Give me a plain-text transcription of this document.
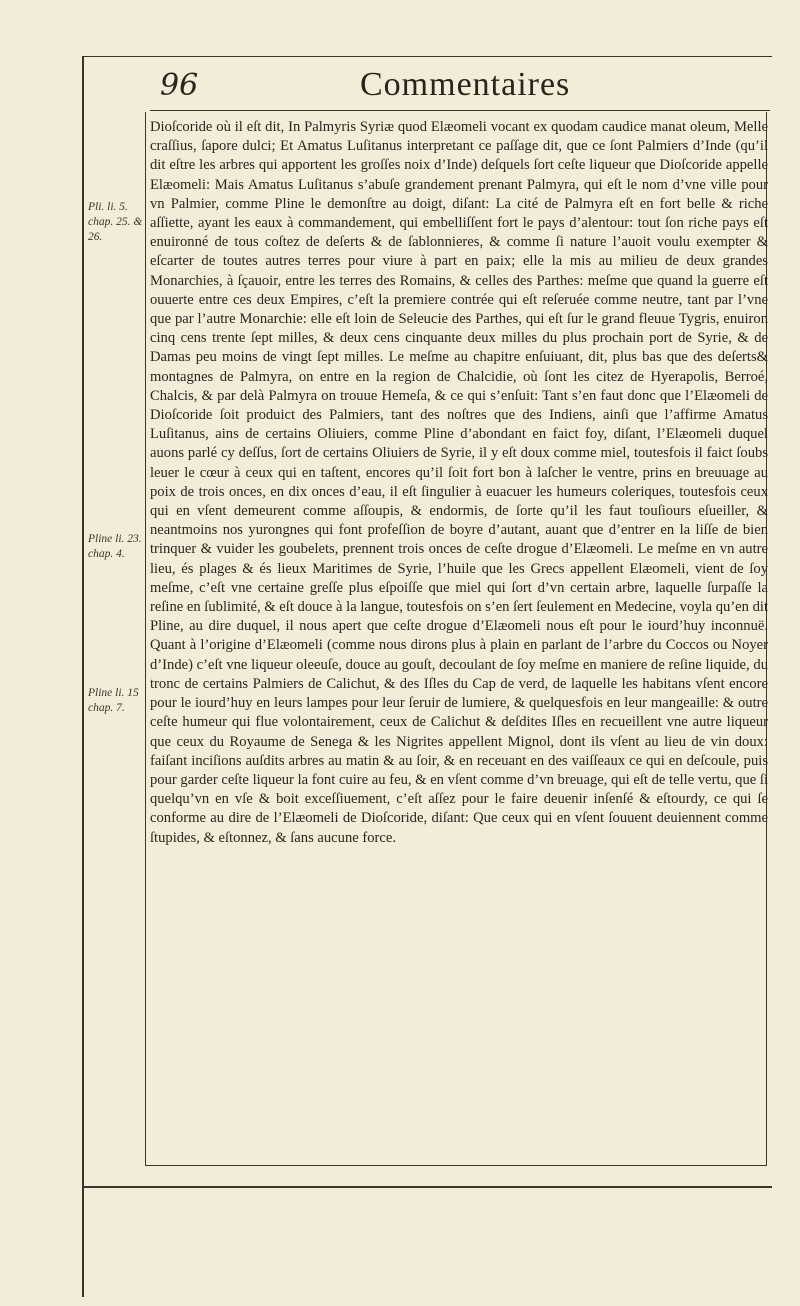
96	Commentaires
Pli. li. 5. chap. 25. & 26.
Pline li. 23. chap. 4.
Pline li. 15 chap. 7.

Dioſcoride où il eſt dit, In Palmyris Syriæ quod Elæomeli vocant ex quodam caudice manat oleum, Melle craſſius, ſapore dulci; Et Amatus Luſitanus interpretant ce paſſage dit, que ce ſont Palmiers d’Inde (qu’il dit eſtre les arbres qui apportent les groſſes noix d’Inde) deſquels ſort ceſte liqueur que Dioſcoride appelle Elæomeli: Mais Amatus Luſitanus s’abuſe grandement prenant Palmyra, qui eſt le nom d’vne ville pour vn Palmier, comme Pline le demonſtre au doigt, diſant: La cité de Palmyra eſt en fort belle & riche aſſiette, ayant les eaux à commandement, qui embelliſſent fort le pays d’alentour: tout ſon riche pays eſt enuironné de tous coſtez de deſerts & de ſablonnieres, & comme ſi nature l’auoit voulu exempter & eſcarter de toutes autres terres pour viure à part en paix; elle la mis au milieu de deux grandes Monarchies, à ſçauoir, entre les terres des Romains, & celles des Parthes: meſme que quand la guerre eſt ouuerte entre ces deux Empires, c’eſt la premiere contrée qui eſt reſeruée comme neutre, tant par l’vne que par l’autre Monarchie: elle eſt loin de Seleucie des Parthes, qui eſt ſur le grand fleuue Tygris, enuiron cinq cens trente ſept milles, & deux cens cinquante deux milles du plus prochain port de Syrie, & de Damas peu moins de vingt ſept milles. Le meſme au chapitre enſuiuant, dit, plus bas que des deſerts& montagnes de Palmyra, on entre en la region de Chalcidie, où ſont les citez de Hyerapolis, Berroé, Chalcis, & par delà Palmyra on trouue Hemeſa, & ce qui s’enſuit: Tant s’en faut donc que l’Elæomeli de Dioſcoride ſoit produict des Palmiers, tant des noſtres que des Indiens, ainſi que l’affirme Amatus Luſitanus, ains de certains Oliuiers, comme Pline d’abondant en faict foy, diſant, l’Elæomeli duquel auons parlé cy deſſus, ſort de certains Oliuiers de Syrie, il y eſt doux comme miel, toutesfois il faict ſoubs leuer le cœur à ceux qui en taſtent, encores qu’il ſoit fort bon à laſcher le ventre, prins en breuuage au poix de trois onces, en dix onces d’eau, il eſt ſingulier à euacuer les humeurs coleriques, toutesfois ceux qui en vſent demeurent comme aſſoupis, & endormis, de ſorte qu’il les faut touſiours eſueiller, & neantmoins nos yurongnes qui font profeſſion de boyre d’autant, auant que d’entrer en la liſſe de bien trinquer & vuider les goubelets, prennent trois onces de ceſte drogue d’Elæomeli. Le meſme en vn autre lieu, és plages & és lieux Maritimes de Syrie, l’huile que les Grecs appellent Elæomeli, vient de ſoy meſme, c’eſt vne certaine greſſe plus eſpoiſſe que miel qui ſort d’vn certain arbre, laquelle ſurpaſſe la reſine en ſublimité, & eſt douce à la langue, toutesfois on s’en ſert ſeulement en Medecine, voyla qu’en dit Pline, au dire duquel, il nous apert que ceſte drogue d’Elæomeli nous eſt pour le iourd’huy inconnuë. Quant à l’origine d’Elæomeli (comme nous dirons plus à plain en parlant de l’arbre du Coccos ou Noyer d’Inde) c’eſt vne liqueur oleeuſe, douce au gouſt, decoulant de ſoy meſme en maniere de reſine liquide, du tronc de certains Palmiers de Calichut, & des Iſles du Cap de verd, de laquelle les habitans vſent encore pour le iourd’huy en leurs lampes pour leur ſeruir de lumiere, & quelquesfois en leur mangeaille: & outre ceſte humeur qui flue volontairement, ceux de Calichut & deſdites Iſles en recueillent vne autre liqueur que ceux du Royaume de Senega & les Nigrites appellent Mignol, dont ils vſent au lieu de vin doux: faiſant inciſions auſdits arbres au matin & au ſoir, & en receuant en des vaiſſeaux ce qui en deſcoule, puis pour garder ceſte liqueur la font cuire au feu, & en vſent comme d’vn breuage, qui eſt de telle vertu, que ſi quelqu’vn en vſe & boit exceſſiuement, c’eſt aſſez pour le faire deuenir inſenſé & eſtourdy, ce qui ſe conforme au dire de l’Elæomeli de Dioſcoride, diſant: Que ceux qui en vſent ſouuent deuiennent comme ſtupides, & eſtonnez, & ſans aucune force.
